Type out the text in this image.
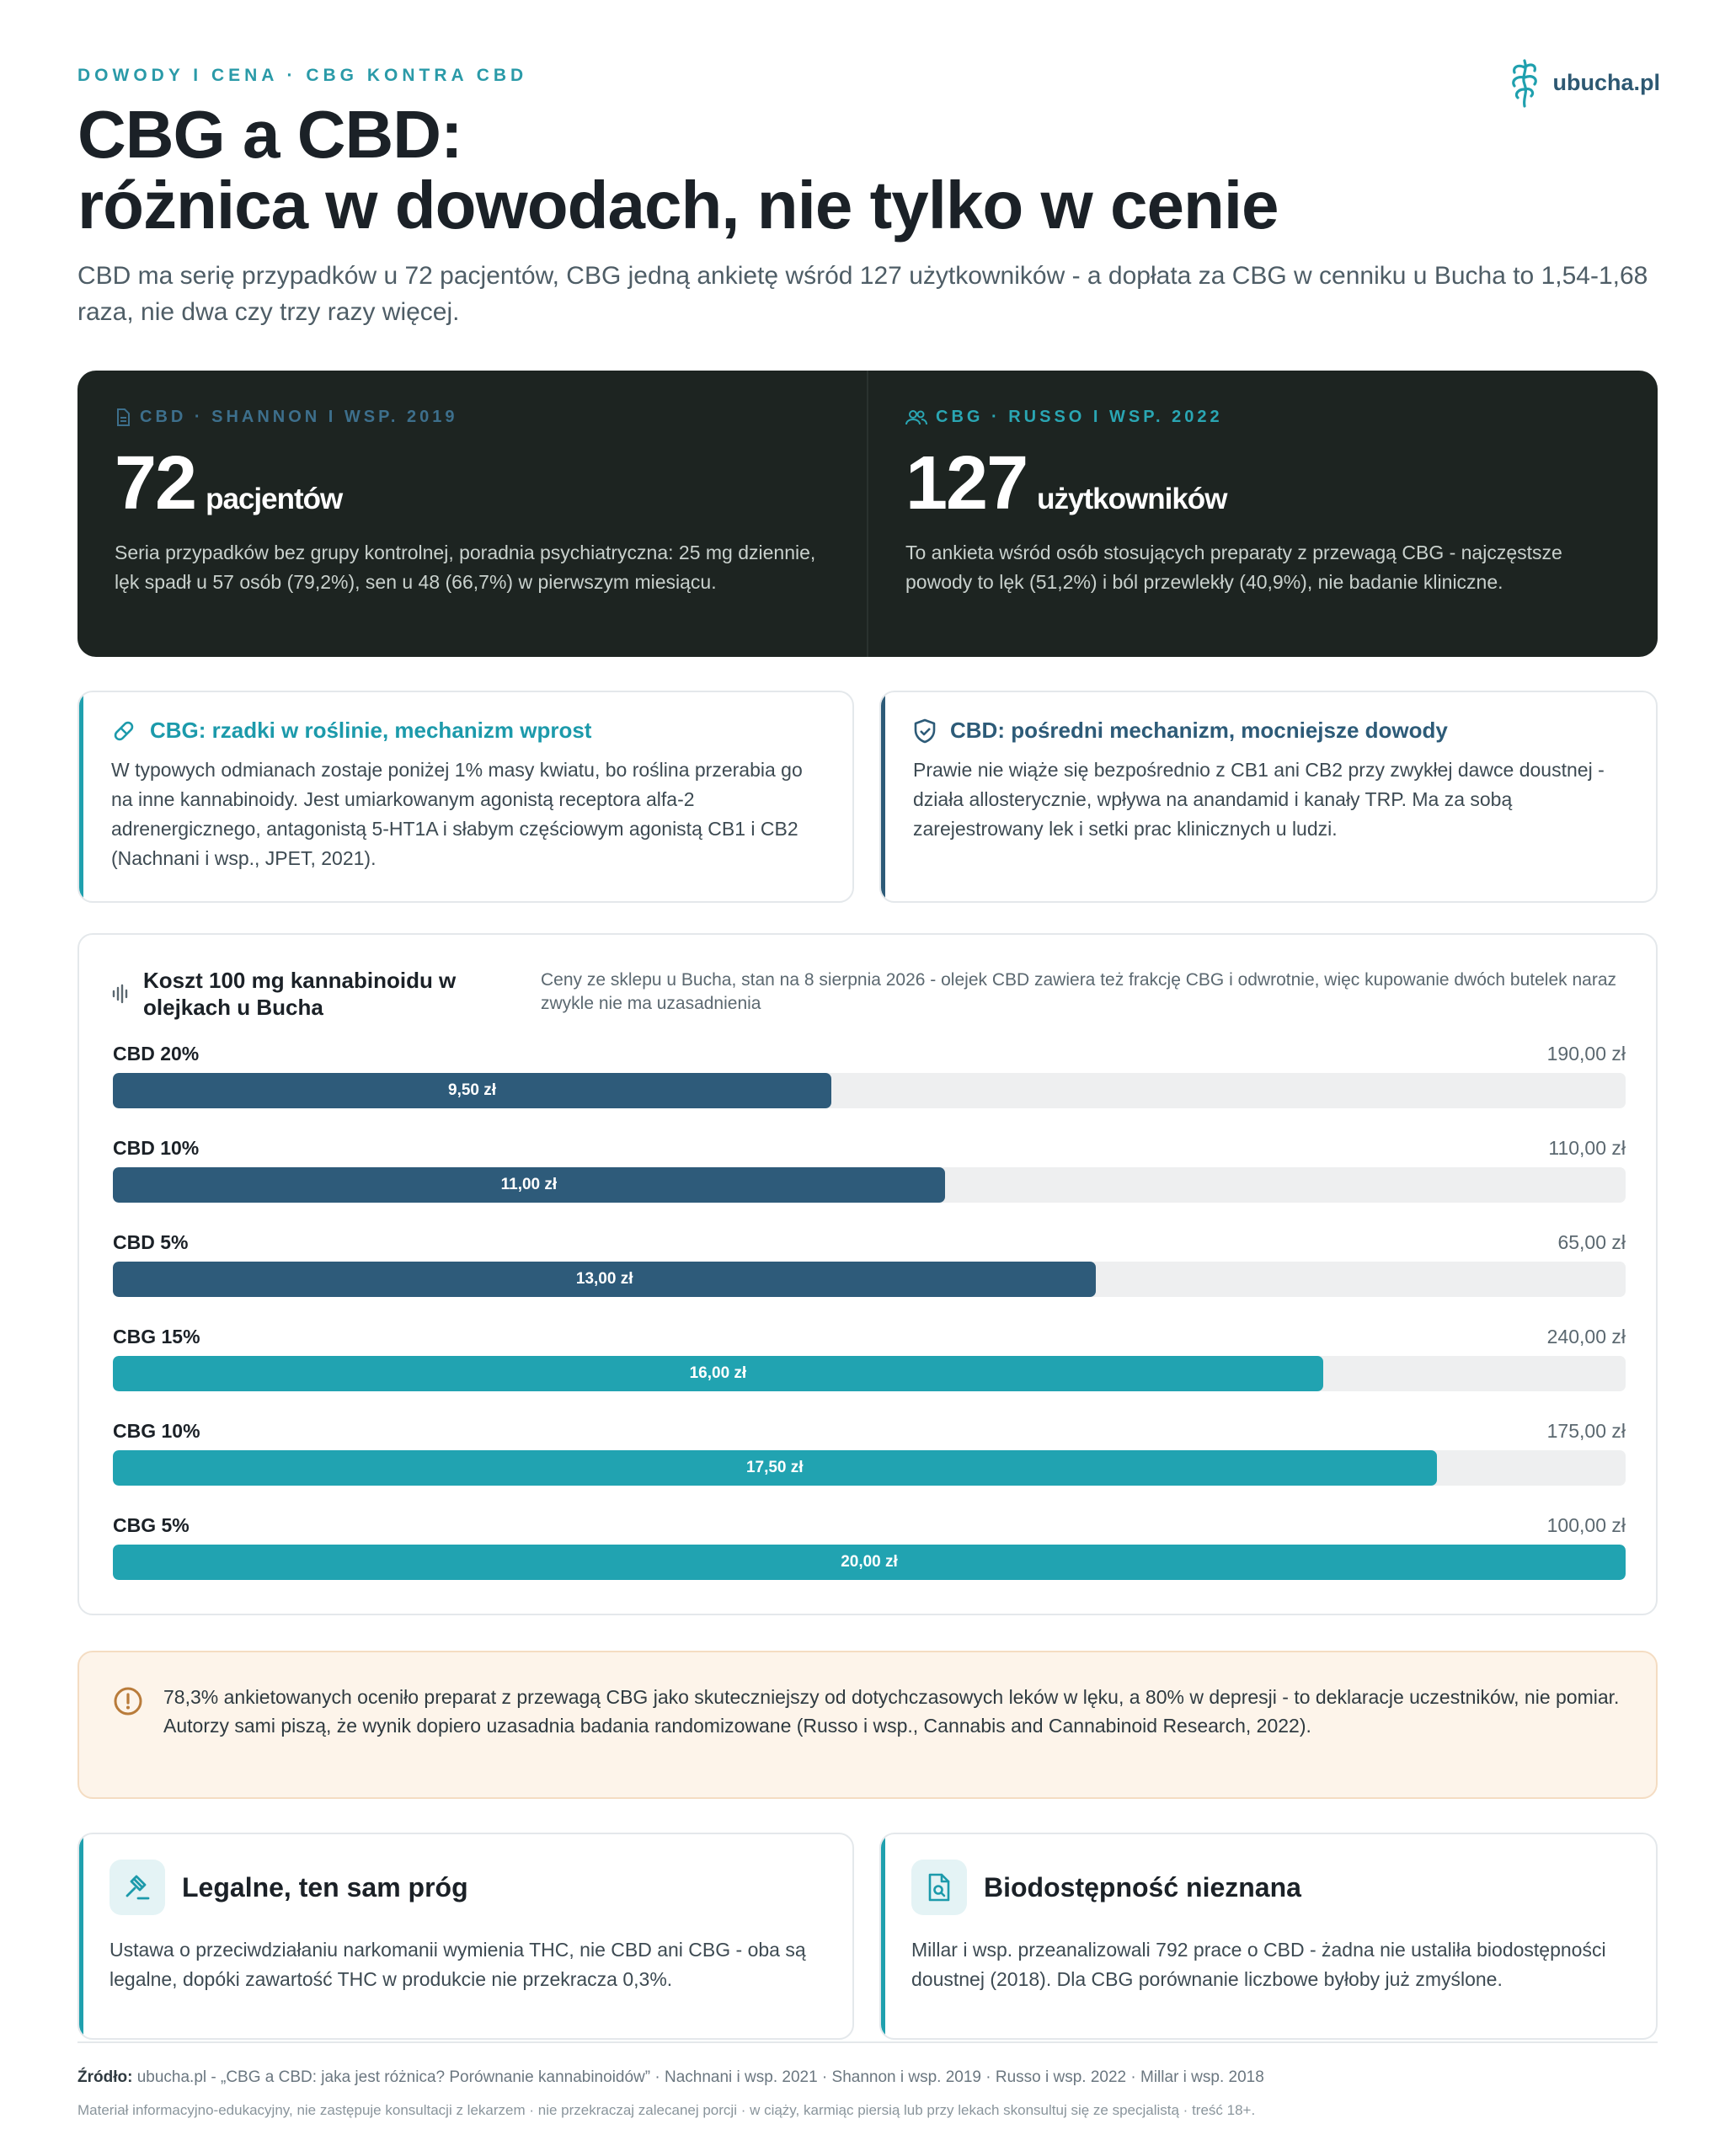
DOWODY I CENA · CBG KONTRA CBD	ubucha.pl
CBG a CBD:
różnica w dowodach, nie tylko w cenie
CBD ma serię przypadków u 72 pacjentów, CBG jedną ankietę wśród 127 użytkowników - a dopłata za CBG w cenniku u Bucha to 1,54-1,68 raza, nie dwa czy trzy razy więcej.
CBD · SHANNON I WSP. 2019
72 pacjentów
Seria przypadków bez grupy kontrolnej, poradnia psychiatryczna: 25 mg dziennie, lęk spadł u 57 osób (79,2%), sen u 48 (66,7%) w pierwszym miesiącu.
CBG · RUSSO I WSP. 2022
127 użytkowników
To ankieta wśród osób stosujących preparaty z przewagą CBG - najczęstsze powody to lęk (51,2%) i ból przewlekły (40,9%), nie badanie kliniczne.
CBG: rzadki w roślinie, mechanizm wprost
W typowych odmianach zostaje poniżej 1% masy kwiatu, bo roślina przerabia go na inne kannabinoidy. Jest umiarkowanym agonistą receptora alfa-2 adrenergicznego, antagonistą 5-HT1A i słabym częściowym agonistą CB1 i CB2 (Nachnani i wsp., JPET, 2021).
CBD: pośredni mechanizm, mocniejsze dowody
Prawie nie wiąże się bezpośrednio z CB1 ani CB2 przy zwykłej dawce doustnej - działa allosterycznie, wpływa na anandamid i kanały TRP. Ma za sobą zarejestrowany lek i setki prac klinicznych u ludzi.
Koszt 100 mg kannabinoidu w olejkach u Bucha
Ceny ze sklepu u Bucha, stan na 8 sierpnia 2026 - olejek CBD zawiera też frakcję CBG i odwrotnie, więc kupowanie dwóch butelek naraz zwykle nie ma uzasadnienia
CBD 20%	190,00 zł
9,50 zł
CBD 10%	110,00 zł
11,00 zł
CBD 5%	65,00 zł
13,00 zł
CBG 15%	240,00 zł
16,00 zł
CBG 10%	175,00 zł
17,50 zł
CBG 5%	100,00 zł
20,00 zł
78,3% ankietowanych oceniło preparat z przewagą CBG jako skuteczniejszy od dotychczasowych leków w lęku, a 80% w depresji - to deklaracje uczestników, nie pomiar. Autorzy sami piszą, że wynik dopiero uzasadnia badania randomizowane (Russo i wsp., Cannabis and Cannabinoid Research, 2022).
Legalne, ten sam próg
Ustawa o przeciwdziałaniu narkomanii wymienia THC, nie CBD ani CBG - oba są legalne, dopóki zawartość THC w produkcie nie przekracza 0,3%.
Biodostępność nieznana
Millar i wsp. przeanalizowali 792 prace o CBD - żadna nie ustaliła biodostępności doustnej (2018). Dla CBG porównanie liczbowe byłoby już zmyślone.
Źródło: ubucha.pl - „CBG a CBD: jaka jest różnica? Porównanie kannabinoidów” · Nachnani i wsp. 2021 · Shannon i wsp. 2019 · Russo i wsp. 2022 · Millar i wsp. 2018
Materiał informacyjno-edukacyjny, nie zastępuje konsultacji z lekarzem · nie przekraczaj zalecanej porcji · w ciąży, karmiąc piersią lub przy lekach skonsultuj się ze specjalistą · treść 18+.
